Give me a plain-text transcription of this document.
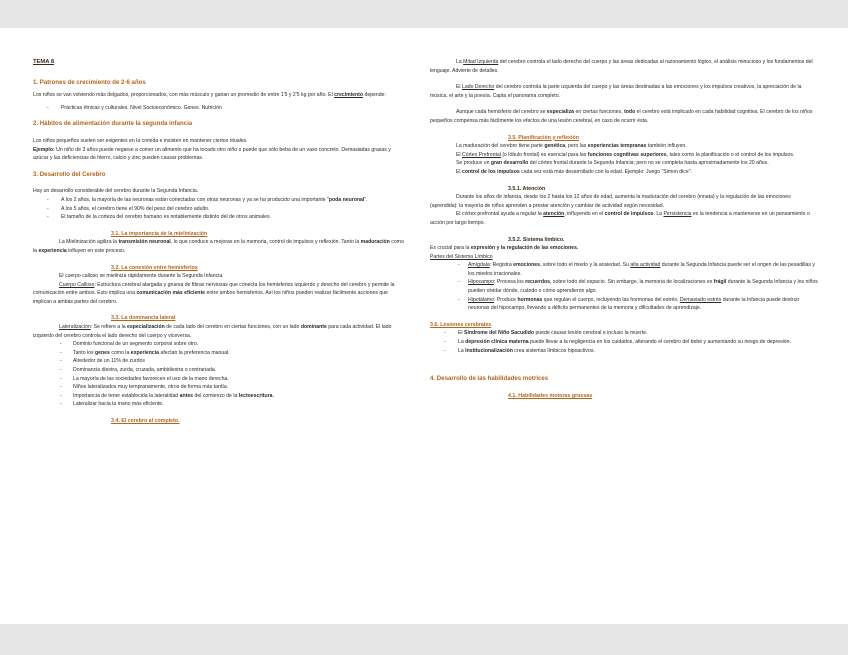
TEMA 8

1. Patrones de crecimiento de 2-6 años

Los niños se van volviendo más delgados, proporcionados, con más músculo y ganan un promedio de entre 1'5 y 2'5 kg por año. El crecimiento depende:

- Prácticas étnicas y culturales. Nivel Socioeconómico. Genes. Nutrición

2. Hábitos de alimentación durante la segunda infancia

Los niños pequeños suelen ser exigentes en la comida e insisten en mantener ciertos rituales.

Ejemplo: Un niño de 3 años puede negarse a comer un alimento que ha tocado otro niño o puede que sólo beba de un vaso concreto. Demasiadas grasas y azúcar y las deficiencias de hierro, calcio y zinc pueden causar problemas.

3. Desarrollo del Cerebro

Hay un desarrollo considerable del cerebro durante la Segunda Infancia.

- A los 2 años, la mayoría de las neuronas están conectadas con otras neuronas y ya se ha producido una importante "poda neuronal".
- A los 5 años, el cerebro tiene el 90% del peso del cerebro adulto.
- El tamaño de la corteza del cerebro humano es notablemente distinto del de otros animales.

3.1. La importancia de la mielinización

La Mielinización agiliza la transmisión neuronal, lo que conduce a mejoras en la memoria, control de impulsos y reflexión. Tanto la maduración como la experiencia influyen en este proceso.

3.2. La conexión entre hemisferios

El cuerpo calloso se mieliniza rápidamente durante la Segunda Infancia.

Cuerpo Calloso: Estructura cerebral alargada y gruesa de fibras nerviosas que conecta los hemisferios izquierdo y derecho del cerebro y permite la comunicación entre ambos. Esto implica una comunicación más eficiente entre ambos hemisferios. Así los niños pueden realizar fácilmente acciones que implican a ambas partes del cerebro.

3.3. La dominancia lateral

Lateralización: Se refiere a la especialización de cada lado del cerebro en ciertas funciones, con un lado dominante para cada actividad. El lado izquierdo del cerebro controla el lado derecho del cuerpo y viceversa.

- Dominio funcional de un segmento corporal sobre otro.
- Tanto los genes como la experiencia afectan la preferencia manual.
- Alrededor de un 11% de zurdos
- Dominancia diestra, zurda, cruzada, ambidiestra o contrariada.
- La mayoría de las sociedades favorecen el uso de la mano derecha.
- Niños lateralizados muy tempranamente, otros de forma más tardía.
- Importancia de tener establecida la lateralidad antes del comienzo de la lectoescritura.
- Lateralizar hacia la mano más eficiente.

3.4. El cerebro al completo.

La Mitad Izquierda del cerebro controla el lado derecho del cuerpo y las áreas dedicadas al razonamiento lógico, el análisis minucioso y los fundamentos del lenguaje. Advierte de detalles.

El Lado Derecho del cerebro controla la parte izquierda del cuerpo y las áreas destinadas a las emociones y los impulsos creativos, la apreciación de la música, el arte y la poesía. Capta el panorama completo.

Aunque cada hemisferio del cerebro se especializa en ciertas funciones, todo el cerebro está implicado en cada habilidad cognitiva. El cerebro de los niños pequeños compensa más fácilmente los efectos de una lesión cerebral, en caso de ocurrir ésta.

3.5. Planificación y reflexión

La maduración del cerebro tiene parte genética, pero las experiencias tempranas también influyen.

El Córtex Prefrontal (o lóbulo frontal) es esencial para las funciones cognitivas superiores, tales como la planificación o el control de los impulsos.

Se produce un gran desarrollo del córtex frontal durante la Segunda Infancia; pero no se completa hasta aproximadamente los 20 años.

El control de los impulsos cada vez está más desarrollado con la edad. Ejemplo: Juego "Simon dice".

3.5.1. Atención

Durante los años de infancia, desde los 2 hasta los 12 años de edad, aumenta la maduración del cerebro (innata) y la regulación de las emociones (aprendida): la mayoría de niños aprenden a prestar atención y cambiar de actividad según necesidad.

El córtex prefrontal ayuda a regular la atención, influyendo en el control de impulsos. La Persistencia es la tendencia a mantenerse en un pensamiento o acción por largo tiempo.

3.5.2. Sistema límbico.

Es crucial para la expresión y la regulación de las emociones.

Partes del Sistema Límbico

- Amígdala: Registra emociones, sobre todo el miedo y la ansiedad. Su alta actividad durante la Segunda Infancia puede ser el origen de las pesadillas y los miedos irracionales.
- Hipocampo: Procesa los recuerdos, sobre todo del espacio. Sin embargo, la memoria de localizaciones es frágil durante la Segunda Infancia y los niños pueden olvidar dónde, cuándo o cómo aprendieron algo.
- Hipotálamo: Produce hormonas que regulan el cuerpo, incluyendo las hormonas del estrés. Demasiado estrés durante la Infancia puede destruir neuronas del hipocampo, llevando a déficits permanentes de la memoria y dificultades de aprendizaje.

3.6. Lesiones cerebrales

- El Síndrome del Niño Sacudido puede causar lesión cerebral e incluso la muerte.
- La depresión clínica materna puede llevar a la negligencia en los cuidados, alterando el cerebro del bebé y aumentando su riesgo de depresión.
- La Institucionalización crea sistemas límbicos hipoactivos.

4. Desarrollo de las habilidades motrices

4.1. Habilidades motoras gruesas
